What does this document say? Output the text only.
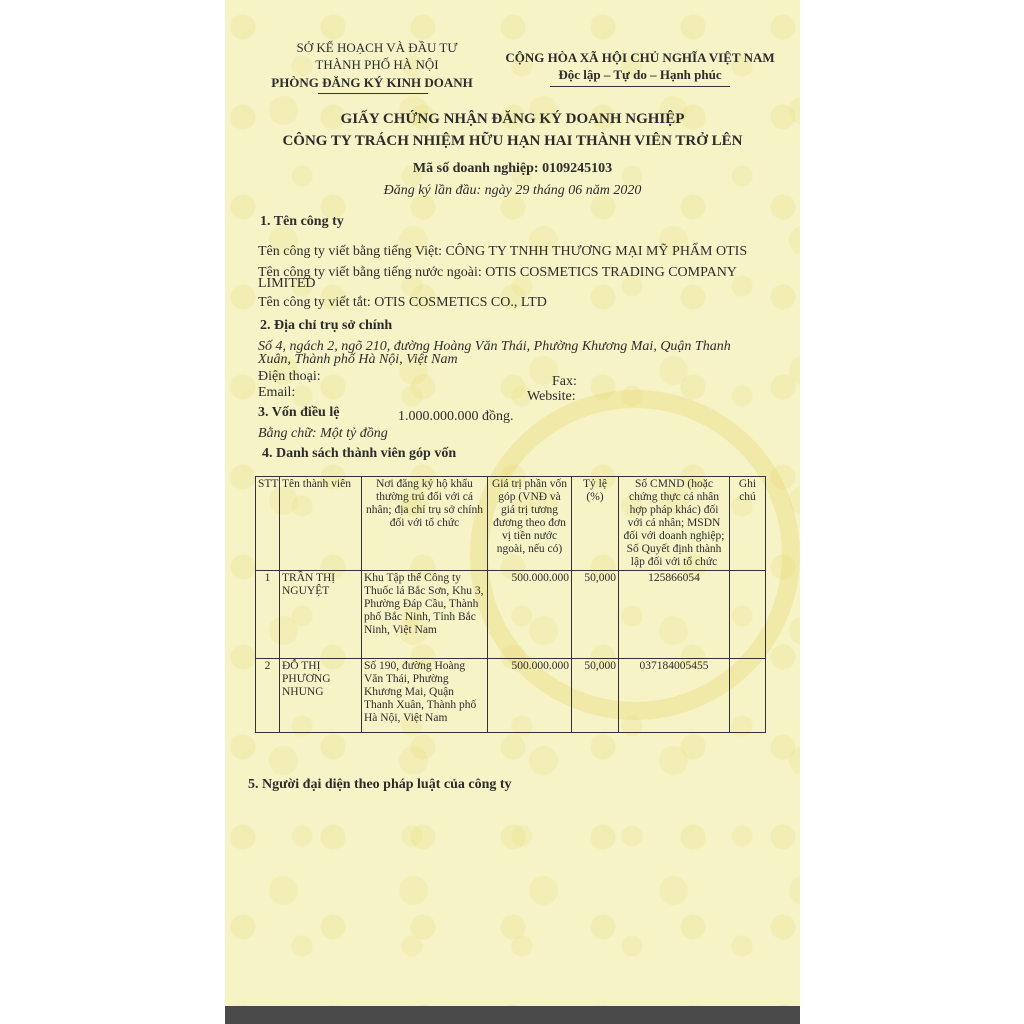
SỞ KẾ HOẠCH VÀ ĐẦU TƯ
THÀNH PHỐ HÀ NỘI
PHÒNG ĐĂNG KÝ KINH DOANH
CỘNG HÒA XÃ HỘI CHỦ NGHĨA VIỆT NAM
Độc lập – Tự do – Hạnh phúc
GIẤY CHỨNG NHẬN ĐĂNG KÝ DOANH NGHIỆP
CÔNG TY TRÁCH NHIỆM HỮU HẠN HAI THÀNH VIÊN TRỞ LÊN
Mã số doanh nghiệp: 0109245103
Đăng ký lần đầu: ngày 29 tháng 06 năm 2020
1. Tên công ty
Tên công ty viết bằng tiếng Việt: CÔNG TY TNHH THƯƠNG MẠI MỸ PHẨM OTIS
Tên công ty viết bằng tiếng nước ngoài: OTIS COSMETICS TRADING COMPANY
LIMITED
Tên công ty viết tắt: OTIS COSMETICS CO., LTD
2. Địa chỉ trụ sở chính
Số 4, ngách 2, ngõ 210, đường Hoàng Văn Thái, Phường Khương Mai, Quận Thanh
Xuân, Thành phố Hà Nội, Việt Nam
Điện thoại:	Fax:
Email:	Website:
3. Vốn điều lệ	1.000.000.000 đồng.
Bằng chữ: Một tỷ đồng
4. Danh sách thành viên góp vốn
STT	Tên thành viên	Nơi đăng ký hộ khẩu thường trú đối với cá nhân; địa chỉ trụ sở chính đối với tổ chức	Giá trị phần vốn góp (VNĐ và giá trị tương đương theo đơn vị tiền nước ngoài, nếu có)	Tỷ lệ (%)	Số CMND (hoặc chứng thực cá nhân hợp pháp khác) đối với cá nhân; MSDN đối với doanh nghiệp; Số Quyết định thành lập đối với tổ chức	Ghi chú
1	TRẦN THỊ NGUYỆT	Khu Tập thể Công ty Thuốc lá Bắc Sơn, Khu 3, Phường Đáp Cầu, Thành phố Bắc Ninh, Tỉnh Bắc Ninh, Việt Nam	500.000.000	50,000	125866054	
2	ĐỖ THỊ PHƯƠNG NHUNG	Số 190, đường Hoàng Văn Thái, Phường Khương Mai, Quận Thanh Xuân, Thành phố Hà Nội, Việt Nam	500.000.000	50,000	037184005455	
5. Người đại diện theo pháp luật của công ty
